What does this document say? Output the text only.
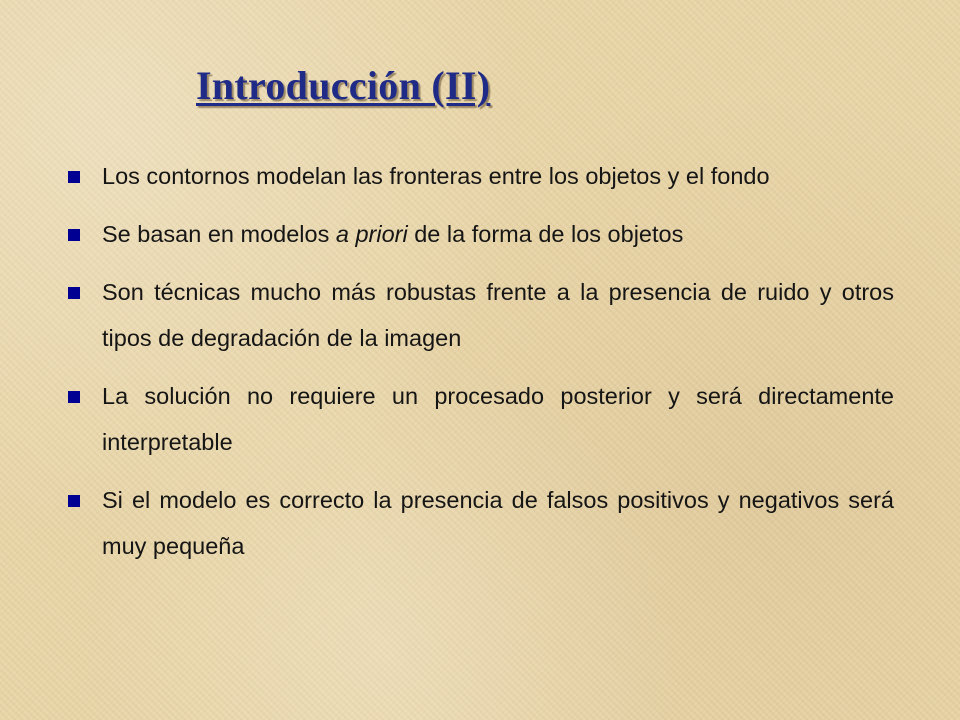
Introducción (II)
Los contornos modelan las fronteras entre los objetos y el fondo
Se basan en modelos a priori de la forma de los objetos
Son técnicas mucho más robustas frente a la presencia de ruido y otros tipos de degradación de la imagen
La solución no requiere un procesado posterior y será directamente interpretable
Si el modelo es correcto la presencia de falsos positivos y negativos será muy pequeña
